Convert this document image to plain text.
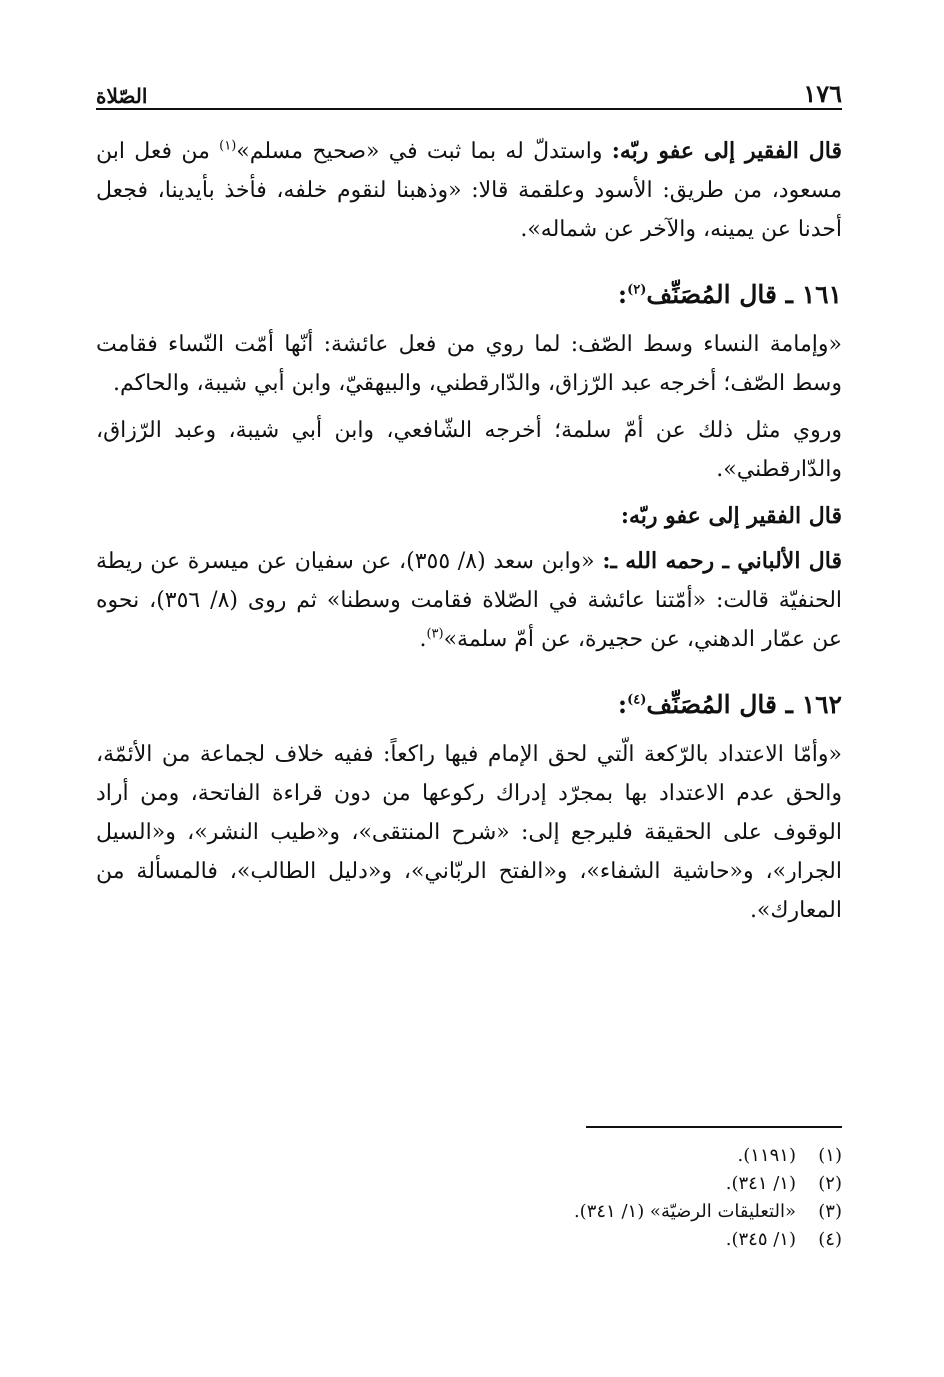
١٧٦
الصّلاة

قال الفقير إلى عفو ربّه: واستدلّ له بما ثبت في «صحيح مسلم»$^{(١)}$ من فعل ابن مسعود، من طريق: الأسود وعلقمة قالا: «وذهبنا لنقوم خلفه، فأخذ بأيدينا، فجعل أحدنا عن يمينه، والآخر عن شماله».

١٦١ ـ قال المُصَنِّف$^{(٢)}$:

«وإمامة النساء وسط الصّف: لما روي من فعل عائشة: أنّها أمّت النّساء فقامت وسط الصّف؛ أخرجه عبد الرّزاق، والدّارقطني، والبيهقيّ، وابن أبي شيبة، والحاكم.

وروي مثل ذلك عن أمّ سلمة؛ أخرجه الشّافعي، وابن أبي شيبة، وعبد الرّزاق، والدّارقطني».

قال الفقير إلى عفو ربّه:

قال الألباني ـ رحمه الله ـ: «وابن سعد (٨/ ٣٥٥)، عن سفيان عن ميسرة عن ريطة الحنفيّة قالت: «أمّتنا عائشة في الصّلاة فقامت وسطنا» ثم روى (٨/ ٣٥٦)، نحوه عن عمّار الدهني، عن حجيرة، عن أمّ سلمة»$^{(٣)}$.

١٦٢ ـ قال المُصَنِّف$^{(٤)}$:

«وأمّا الاعتداد بالرّكعة الّتي لحق الإمام فيها راكعاً: ففيه خلاف لجماعة من الأئمّة، والحق عدم الاعتداد بها بمجرّد إدراك ركوعها من دون قراءة الفاتحة، ومن أراد الوقوف على الحقيقة فليرجع إلى: «شرح المنتقى»، و«طيب النشر»، و«السيل الجرار»، و«حاشية الشفاء»، و«الفتح الربّاني»، و«دليل الطالب»، فالمسألة من المعارك».

(١)
(١١٩١).
(٢)
(١/ ٣٤١).
(٣)
«التعليقات الرضيّة» (١/ ٣٤١).
(٤)
(١/ ٣٤٥).
